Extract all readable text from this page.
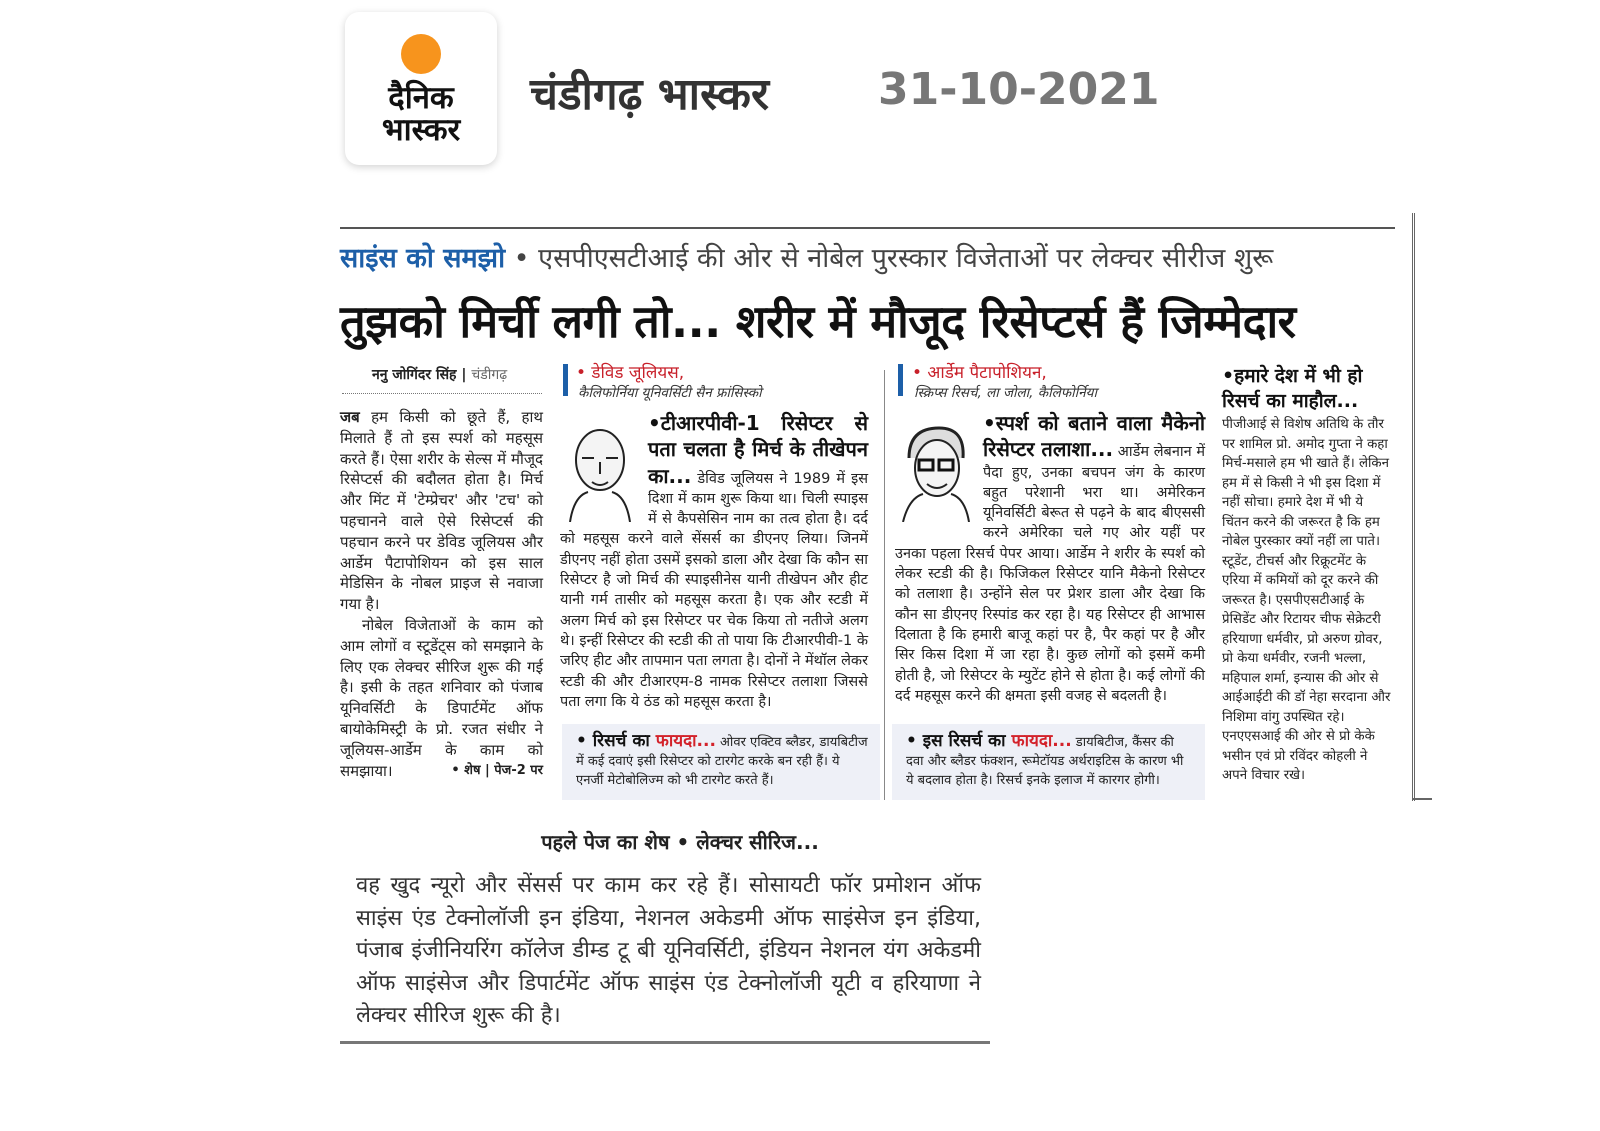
दैनिक
भास्कर
चंडीगढ़ भास्कर 31-10-2021
साइंस को समझो • एसपीएसटीआई की ओर से नोबेल पुरस्कार विजेताओं पर लेक्चर सीरीज शुरू
तुझको मिर्ची लगी तो... शरीर में मौजूद रिसेप्टर्स हैं जिम्मेदार
ननु जोगिंदर सिंह | चंडीगढ़

जब हम किसी को छूते हैं, हाथ मिलाते हैं तो इस स्पर्श को महसूस करते हैं। ऐसा शरीर के सेल्स में मौजूद रिसेप्टर्स की बदौलत होता है। मिर्च और मिंट में 'टेम्प्रेचर' और 'टच' को पहचानने वाले ऐसे रिसेप्टर्स की पहचान करने पर डेविड जूलियस और आर्डेम पैटापोशियन को इस साल मेडिसिन के नोबल प्राइज से नवाजा गया है।

नोबेल विजेताओं के काम को आम लोगों व स्टूडेंट्स को समझाने के लिए एक लेक्चर सीरिज शुरू की गई है। इसी के तहत शनिवार को पंजाब यूनिवर्सिटी के डिपार्टमेंट ऑफ बायोकेमिस्ट्री के प्रो. रजत संधीर ने जूलियस-आर्डेम के काम को समझाया।	• शेष | पेज-2 पर

• डेविड जूलियस,
कैलिफोर्निया यूनिवर्सिटी सैन फ्रांसिस्को
•टीआरपीवी-1 रिसेप्टर से पता चलता है मिर्च के तीखेपन का... डेविड जूलियस ने 1989 में इस दिशा में काम शुरू किया था। चिली स्पाइस में से कैपसेसिन नाम का तत्व होता है। दर्द को महसूस करने वाले सेंसर्स का डीएनए लिया। जिनमें डीएनए नहीं होता उसमें इसको डाला और देखा कि कौन सा रिसेप्टर है जो मिर्च की स्पाइसीनेस यानी तीखेपन और हीट यानी गर्म तासीर को महसूस करता है। एक और स्टडी में अलग मिर्च को इस रिसेप्टर पर चेक किया तो नतीजे अलग थे। इन्हीं रिसेप्टर की स्टडी की तो पाया कि टीआरपीवी-1 के जरिए हीट और तापमान पता लगता है। दोनों ने मेंथॉल लेकर स्टडी की और टीआरएम-8 नामक रिसेप्टर तलाशा जिससे पता लगा कि ये ठंड को महसूस करता है।
• रिसर्च का फायदा... ओवर एक्टिव ब्लैडर, डायबिटीज में कई दवाएं इसी रिसेप्टर को टारगेट करके बन रही हैं। ये एनर्जी मेटोबोलिज्म को भी टारगेट करते हैं।
• आर्डेम पैटापोशियन,
स्क्रिप्स रिसर्च, ला जोला, कैलिफोर्निया
•स्पर्श को बताने वाला मैकेनो रिसेप्टर तलाशा... आर्डेम लेबनान में पैदा हुए, उनका बचपन जंग के कारण बहुत परेशानी भरा था। अमेरिकन यूनिवर्सिटी बेरूत से पढ़ने के बाद बीएससी करने अमेरिका चले गए ओर यहीं पर उनका पहला रिसर्च पेपर आया। आर्डेम ने शरीर के स्पर्श को लेकर स्टडी की है। फिजिकल रिसेप्टर यानि मैकेनो रिसेप्टर को तलाशा है। उन्होंने सेल पर प्रेशर डाला और देखा कि कौन सा डीएनए रिस्पांड कर रहा है। यह रिसेप्टर ही आभास दिलाता है कि हमारी बाजू कहां पर है, पैर कहां पर है और सिर किस दिशा में जा रहा है। कुछ लोगों को इसमें कमी होती है, जो रिसेप्टर के म्युटेंट होने से होता है। कई लोगों की दर्द महसूस करने की क्षमता इसी वजह से बदलती है।
• इस रिसर्च का फायदा... डायबिटीज, कैंसर की दवा और ब्लैडर फंक्शन, रूमेटॉयड अर्थराइटिस के कारण भी ये बदलाव होता है। रिसर्च इनके इलाज में कारगर होगी।
•हमारे देश में भी हो रिसर्च का माहौल...
पीजीआई से विशेष अतिथि के तौर पर शामिल प्रो. अमोद गुप्ता ने कहा मिर्च-मसाले हम भी खाते हैं। लेकिन हम में से किसी ने भी इस दिशा में नहीं सोचा। हमारे देश में भी ये चिंतन करने की जरूरत है कि हम नोबेल पुरस्कार क्यों नहीं ला पाते। स्टूडेंट, टीचर्स और रिक्रूटमेंट के एरिया में कमियों को दूर करने की जरूरत है। एसपीएसटीआई के प्रेसिडेंट और रिटायर चीफ सेक्रेटरी हरियाणा धर्मवीर, प्रो अरुण ग्रोवर, प्रो केया धर्मवीर, रजनी भल्ला, महिपाल शर्मा, इन्यास की ओर से आईआईटी की डॉ नेहा सरदाना और निशिमा वांगु उपस्थित रहे। एनएएसआई की ओर से प्रो केके भसीन एवं प्रो रविंदर कोहली ने अपने विचार रखे।
पहले पेज का शेष • लेक्चर सीरिज...
वह खुद न्यूरो और सेंसर्स पर काम कर रहे हैं। सोसायटी फॉर प्रमोशन ऑफ साइंस एंड टेक्नोलॉजी इन इंडिया, नेशनल अकेडमी ऑफ साइंसेज इन इंडिया, पंजाब इंजीनियरिंग कॉलेज डीम्ड टू बी यूनिवर्सिटी, इंडियन नेशनल यंग अकेडमी ऑफ साइंसेज और डिपार्टमेंट ऑफ साइंस एंड टेक्नोलॉजी यूटी व हरियाणा ने लेक्चर सीरिज शुरू की है।
